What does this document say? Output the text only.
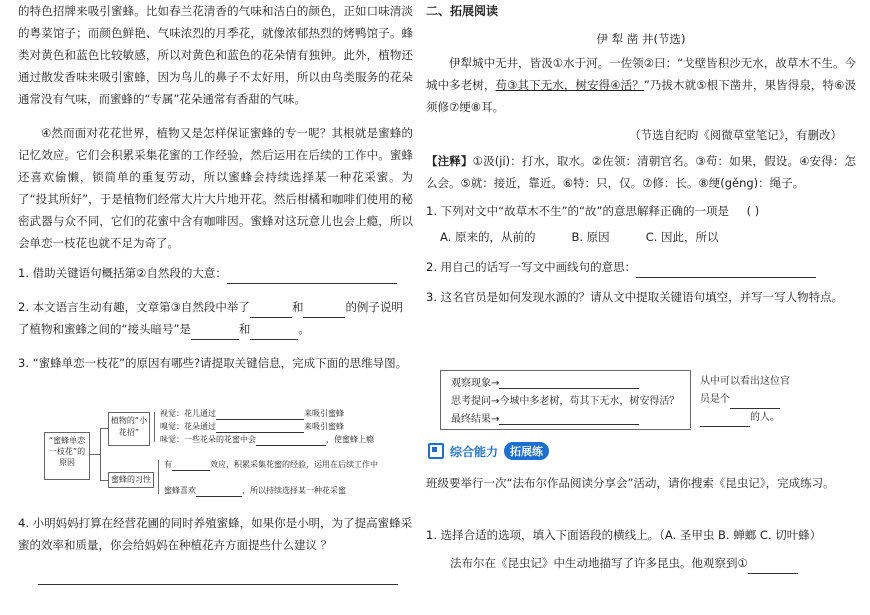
的特色招牌来吸引蜜蜂。比如春兰花清香的气味和洁白的颜色，正如口味清淡的粤菜馆子；而颜色鲜艳、气味浓烈的月季花，就像浓郁热烈的烤鸭馆子。蜂类对黄色和蓝色比较敏感，所以对黄色和蓝色的花朵情有独钟。此外，植物还通过散发香味来吸引蜜蜂，因为鸟儿的鼻子不太好用，所以由鸟类服务的花朵通常没有气味，而蜜蜂的“专属”花朵通常有香甜的气味。

④然而面对花花世界，植物又是怎样保证蜜蜂的专一呢？其根就是蜜蜂的记忆效应。它们会积累采集花蜜的工作经验，然后运用在后续的工作中。蜜蜂还喜欢偷懒，锁简单的重复劳动，所以蜜蜂会持续选择某一种花采蜜。为了“投其所好”，于是植物们经常大片大片地开花。然后柑橘和咖啡们使用的秘密武器与众不同，它们的花蜜中含有咖啡因。蜜蜂对这玩意儿也会上瘾，所以会单恋一枝花也就不足为奇了。

1. 借助关键语句概括第②自然段的大意：

2. 本文语言生动有趣，文章第③自然段中举了	和	的例子说明
了植物和蜜蜂之间的“接头暗号”是	和	。

3. “蜜蜂单恋一枝花”的原因有哪些?请提取关键信息，完成下面的思维导图。

“蜜蜂单恋一枝花”的原因
植物的“小花招”
蜜蜂的习性
视觉：花儿通过	来吸引蜜蜂
嗅觉：花朵通过	来吸引蜜蜂
味觉：一些花朵的花蜜中会	，使蜜蜂上瘾
有	效应，积累采集花蜜的经验，运用在后续工作中
蜜蜂喜欢	，所以持续选择某一种花采蜜

4. 小明妈妈打算在经营花圃的同时养殖蜜蜂，如果你是小明，为了提高蜜蜂采蜜的效率和质量，你会给妈妈在种植花卉方面提些什么建议 ？

二、拓展阅读

伊 犁 凿 井(节选)

伊犁城中无井，皆汲①水于河。一佐领②曰：“戈壁皆积沙无水，故草木不生。今城中多老树，苟③其下无水，树安得④活？”乃拔木就⑤根下凿井，果皆得泉，特⑥汲须修⑦绠⑧耳。

（节选自纪昀《阅微草堂笔记》，有删改）

【注释】①汲(jí)：打水，取水。②佐领：清朝官名。③苟：如果，假设。④安得：怎么会。⑤就：接近，靠近。⑥特：只，仅。⑦修：长。⑧绠(gěng)：绳子。

1. 下列对文中“故草木不生”的“故”的意思解释正确的一项是 ( )

A. 原来的，从前的	B. 原因	C. 因此，所以

2. 用自己的话写一写文中画线句的意思：

3. 这名官员是如何发现水源的？请从文中提取关键语句填空，并写一写人物特点。

观察现象→
思考提问→今城中多老树，苟其下无水，树安得活？
最终结果→
从中可以看出这位官
员是个
的人。
综合能力	拓展练

班级要举行一次“法布尔作品阅读分享会”活动，请你搜索《昆虫记》，完成练习。

1. 选择合适的选项，填入下面语段的横线上。（A. 圣甲虫 B. 蝉螂 C. 切叶蜂）

法布尔在《昆虫记》中生动地描写了许多昆虫。他观察到①
